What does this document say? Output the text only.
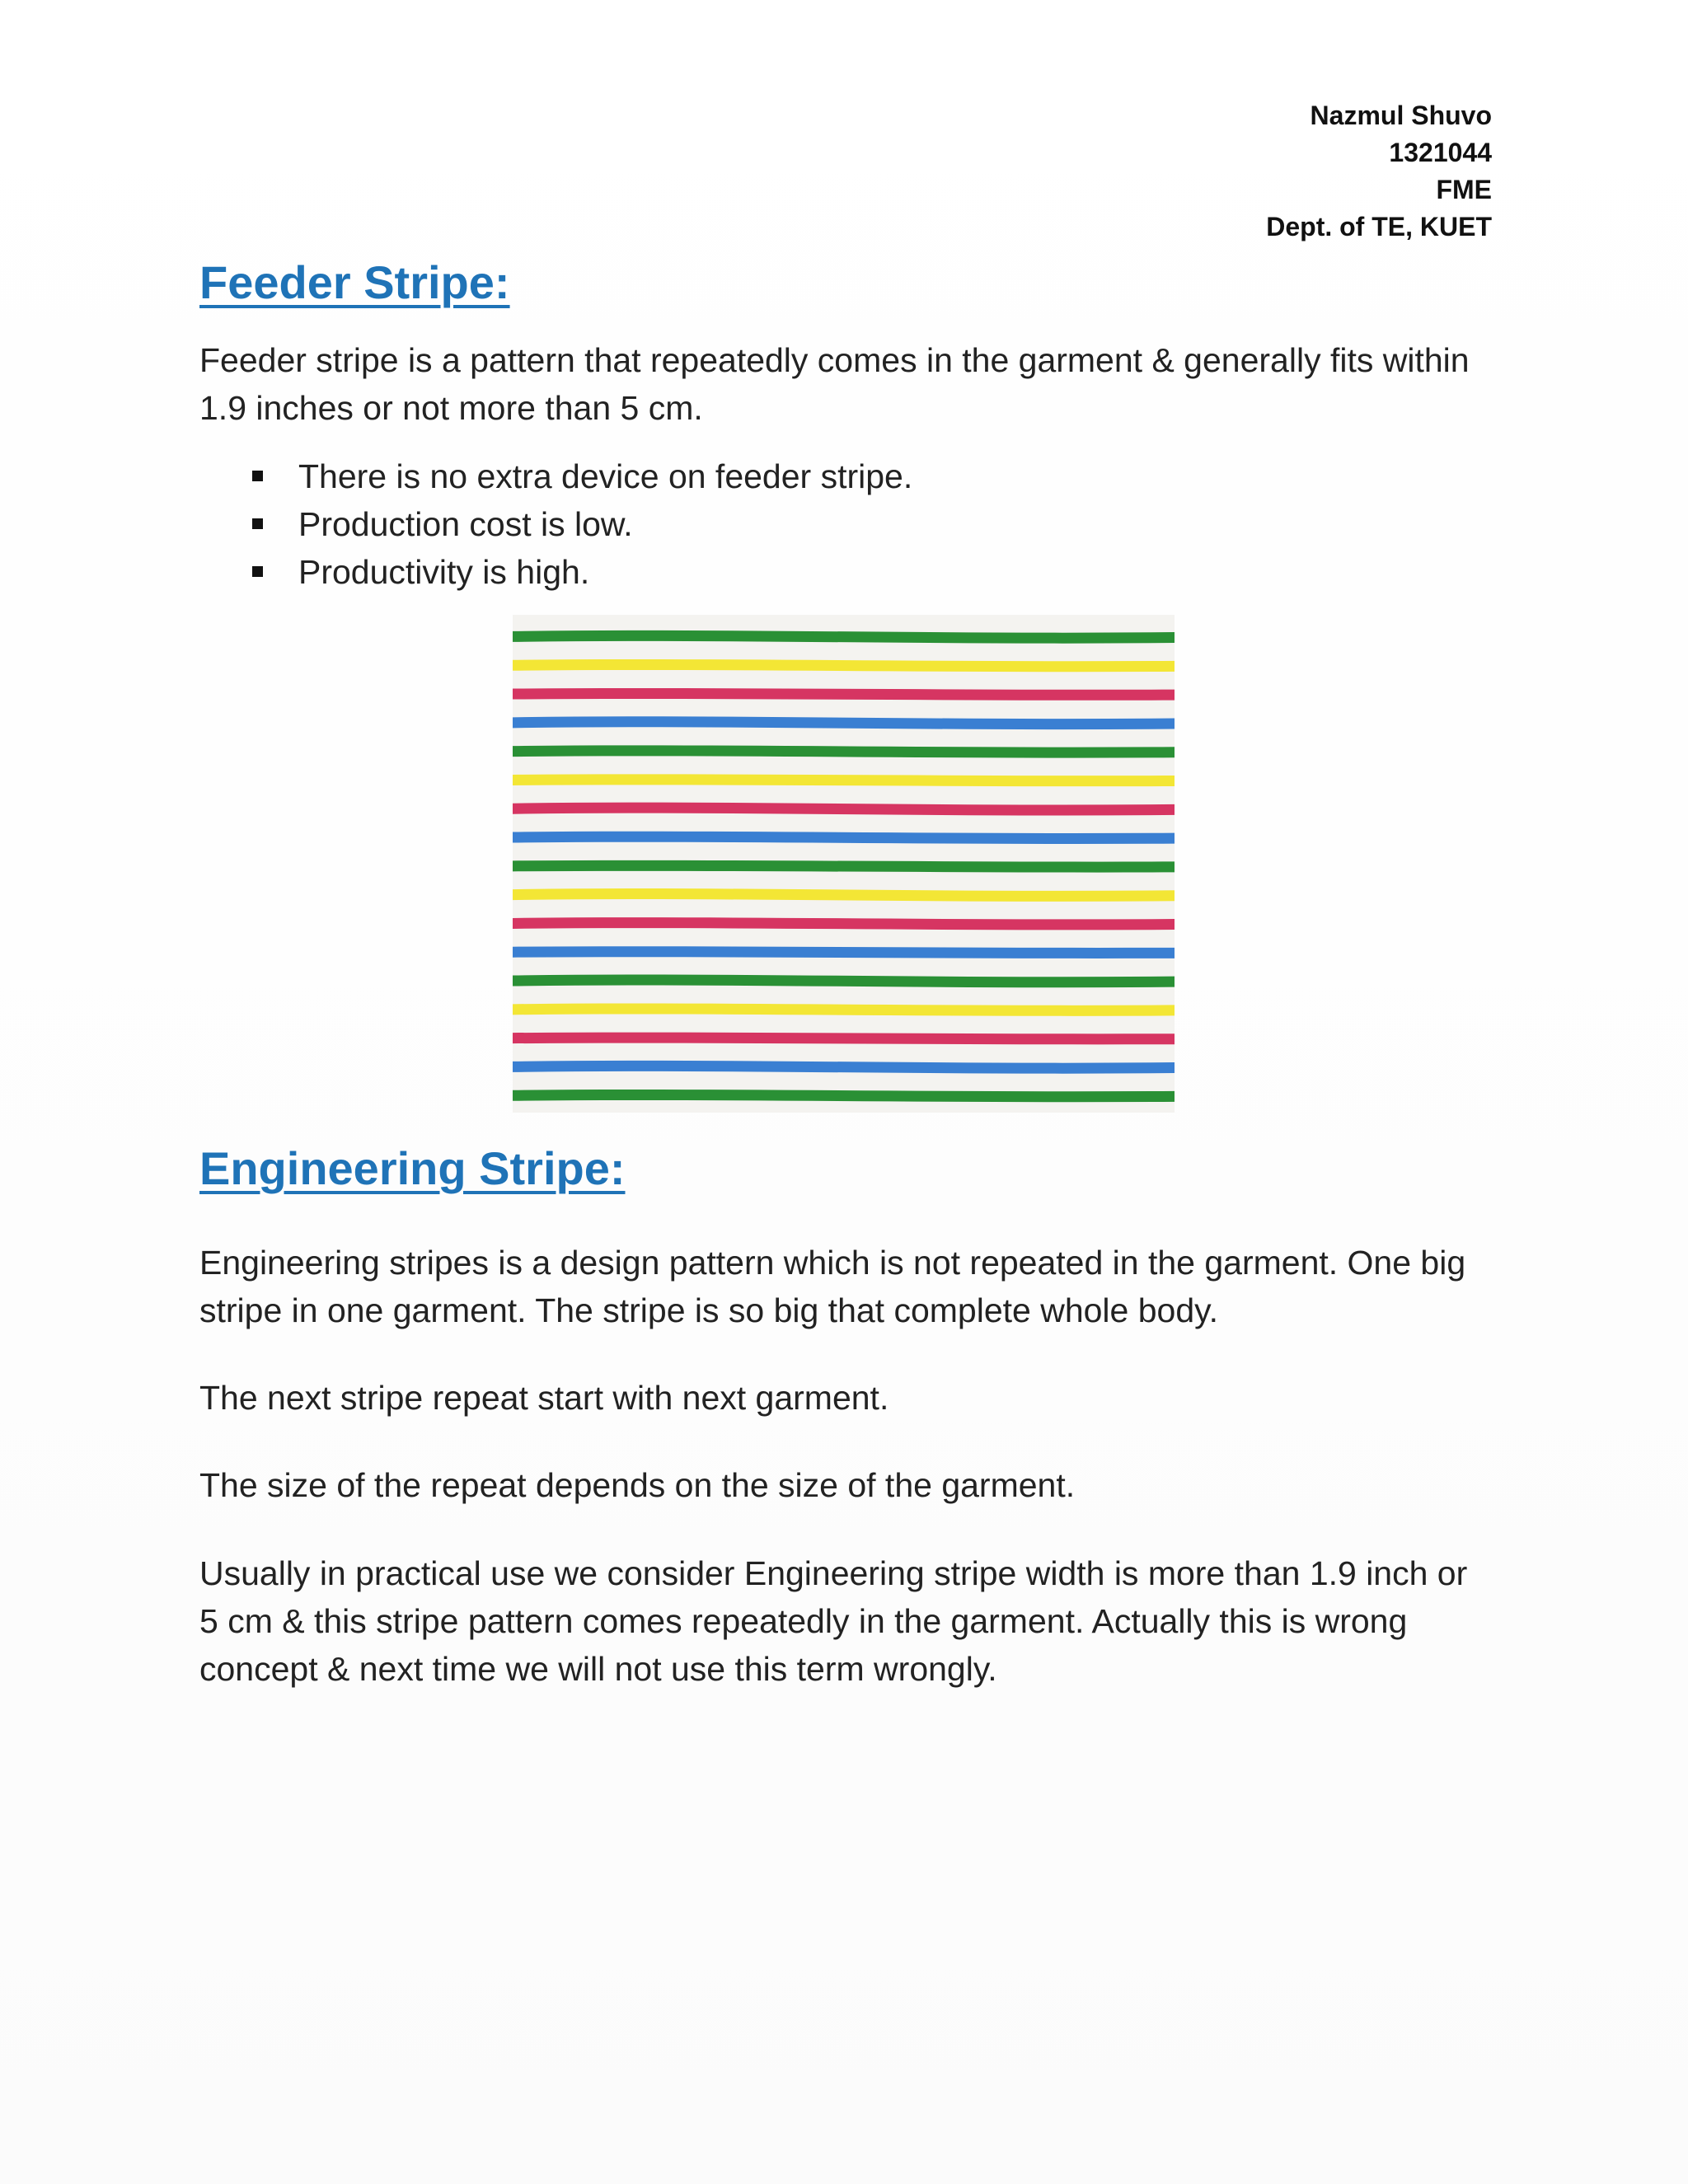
Nazmul Shuvo
1321044
FME
Dept. of TE, KUET
Feeder Stripe:

Feeder stripe is a pattern that repeatedly comes in the garment & generally fits within 1.9 inches or not more than 5 cm.

There is no extra device on feeder stripe.
Production cost is low.
Productivity is high.
Engineering Stripe:

Engineering stripes is a design pattern which is not repeated in the garment. One big stripe in one garment. The stripe is so big that complete whole body.

The next stripe repeat start with next garment.

The size of the repeat depends on the size of the garment.

Usually in practical use we consider Engineering stripe width is more than 1.9 inch or 5 cm & this stripe pattern comes repeatedly in the garment. Actually this is wrong concept & next time we will not use this term wrongly.
